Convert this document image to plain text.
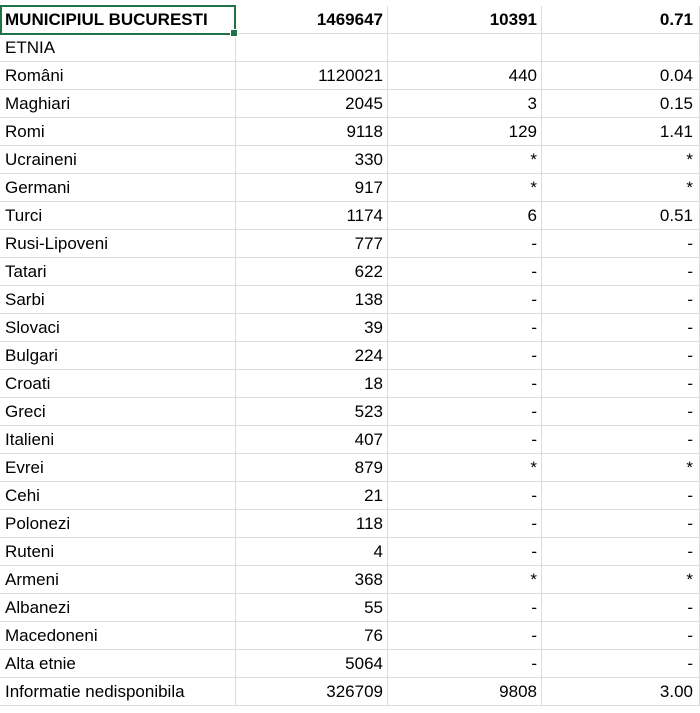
MUNICIPIUL BUCURESTI	1469647	10391	0.71
ETNIA
Români	1120021	440	0.04
Maghiari	2045	3	0.15
Romi	9118	129	1.41
Ucraineni	330	*	*
Germani	917	*	*
Turci	1174	6	0.51
Rusi-Lipoveni	777	-	-
Tatari	622	-	-
Sarbi	138	-	-
Slovaci	39	-	-
Bulgari	224	-	-
Croati	18	-	-
Greci	523	-	-
Italieni	407	-	-
Evrei	879	*	*
Cehi	21	-	-
Polonezi	118	-	-
Ruteni	4	-	-
Armeni	368	*	*
Albanezi	55	-	-
Macedoneni	76	-	-
Alta etnie	5064	-	-
Informatie nedisponibila	326709	9808	3.00
